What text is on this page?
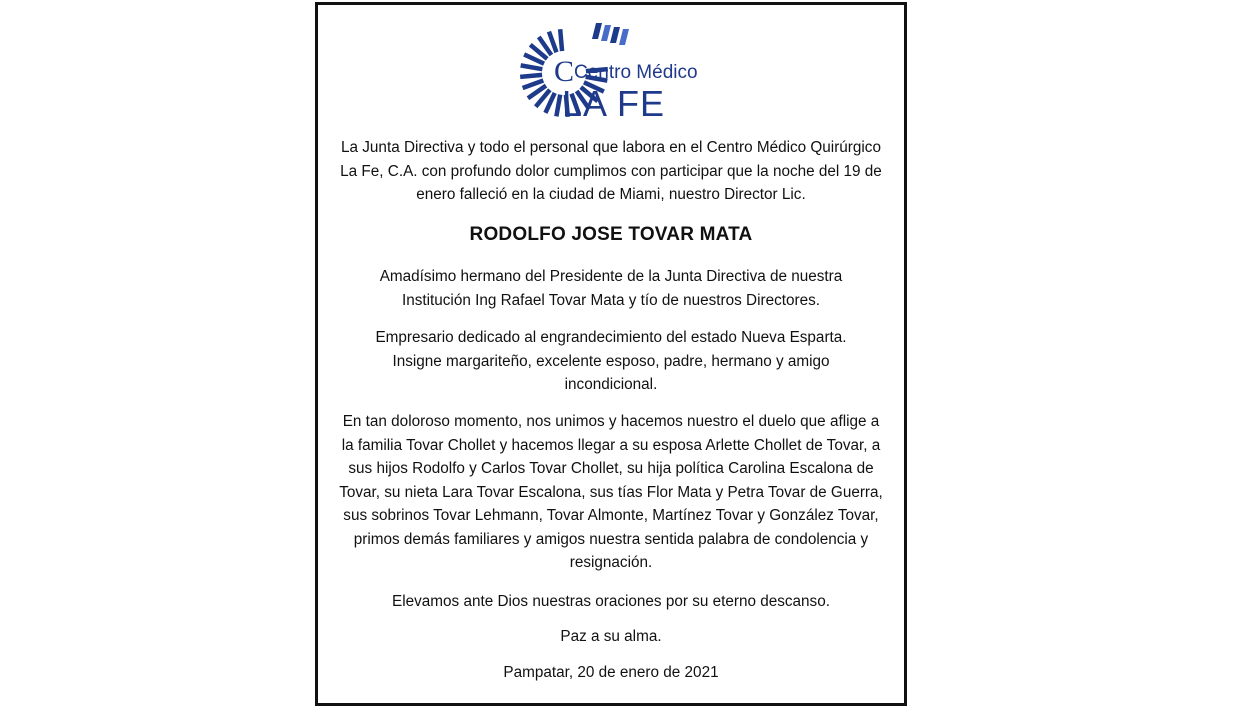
C Centro Médico
LA FE

La Junta Directiva y todo el personal que labora en el Centro Médico Quirúrgico La Fe, C.A. con profundo dolor cumplimos con participar que la noche del 19 de enero falleció en la ciudad de Miami, nuestro Director Lic.

RODOLFO JOSE TOVAR MATA

Amadísimo hermano del Presidente de la Junta Directiva de nuestra Institución Ing Rafael Tovar Mata y tío de nuestros Directores.

Empresario dedicado al engrandecimiento del estado Nueva Esparta. Insigne margariteño, excelente esposo, padre, hermano y amigo incondicional.

En tan doloroso momento, nos unimos y hacemos nuestro el duelo que aflige a la familia Tovar Chollet y hacemos llegar a su esposa Arlette Chollet de Tovar, a sus hijos Rodolfo y Carlos Tovar Chollet, su hija política Carolina Escalona de Tovar, su nieta Lara Tovar Escalona, sus tías Flor Mata y Petra Tovar de Guerra, sus sobrinos Tovar Lehmann, Tovar Almonte, Martínez Tovar y González Tovar, primos demás familiares y amigos nuestra sentida palabra de condolencia y resignación.

Elevamos ante Dios nuestras oraciones por su eterno descanso.

Paz a su alma.

Pampatar, 20 de enero de 2021
